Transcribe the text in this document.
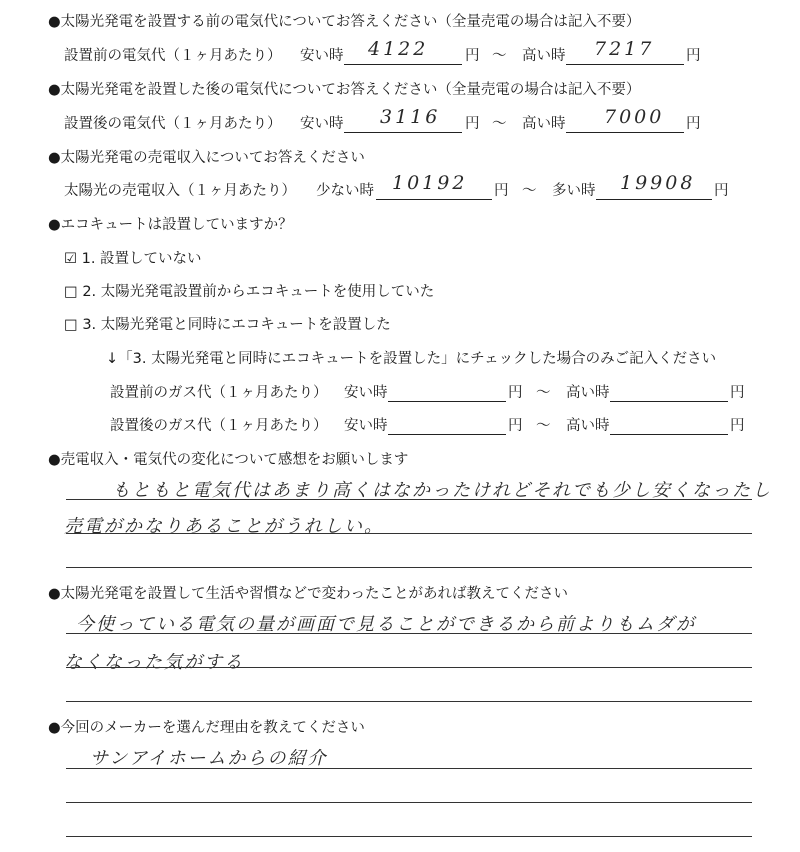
●太陽光発電を設置する前の電気代についてお答えください（全量売電の場合は記入不要）
設置前の電気代（１ヶ月あたり） 安い時 4122	円 ～ 高い時 7217 円
●太陽光発電を設置した後の電気代についてお答えください（全量売電の場合は記入不要）
設置後の電気代（１ヶ月あたり） 安い時 3116 円 ～ 高い時 7000 円
●太陽光発電の売電収入についてお答えください
太陽光の売電収入（１ヶ月あたり） 少ない時 10192 円 ～ 多い時 19908 円
●エコキュートは設置していますか？
☑ 1. 設置していない
□ 2. 太陽光発電設置前からエコキュートを使用していた
□ 3. 太陽光発電と同時にエコキュートを設置した
↓「3. 太陽光発電と同時にエコキュートを設置した」にチェックした場合のみご記入ください
設置前のガス代（１ヶ月あたり） 安い時	円 ～ 高い時	円
設置後のガス代（１ヶ月あたり） 安い時	円 ～ 高い時	円
●売電収入・電気代の変化について感想をお願いします
もともと電気代はあまり高くはなかったけれどそれでも少し安くなったし
売電がかなりあることがうれしい。
●太陽光発電を設置して生活や習慣などで変わったことがあれば教えてください
今使っている電気の量が画面で見ることができるから前よりもムダが
なくなった気がする
●今回のメーカーを選んだ理由を教えてください
サンアイホームからの紹介
